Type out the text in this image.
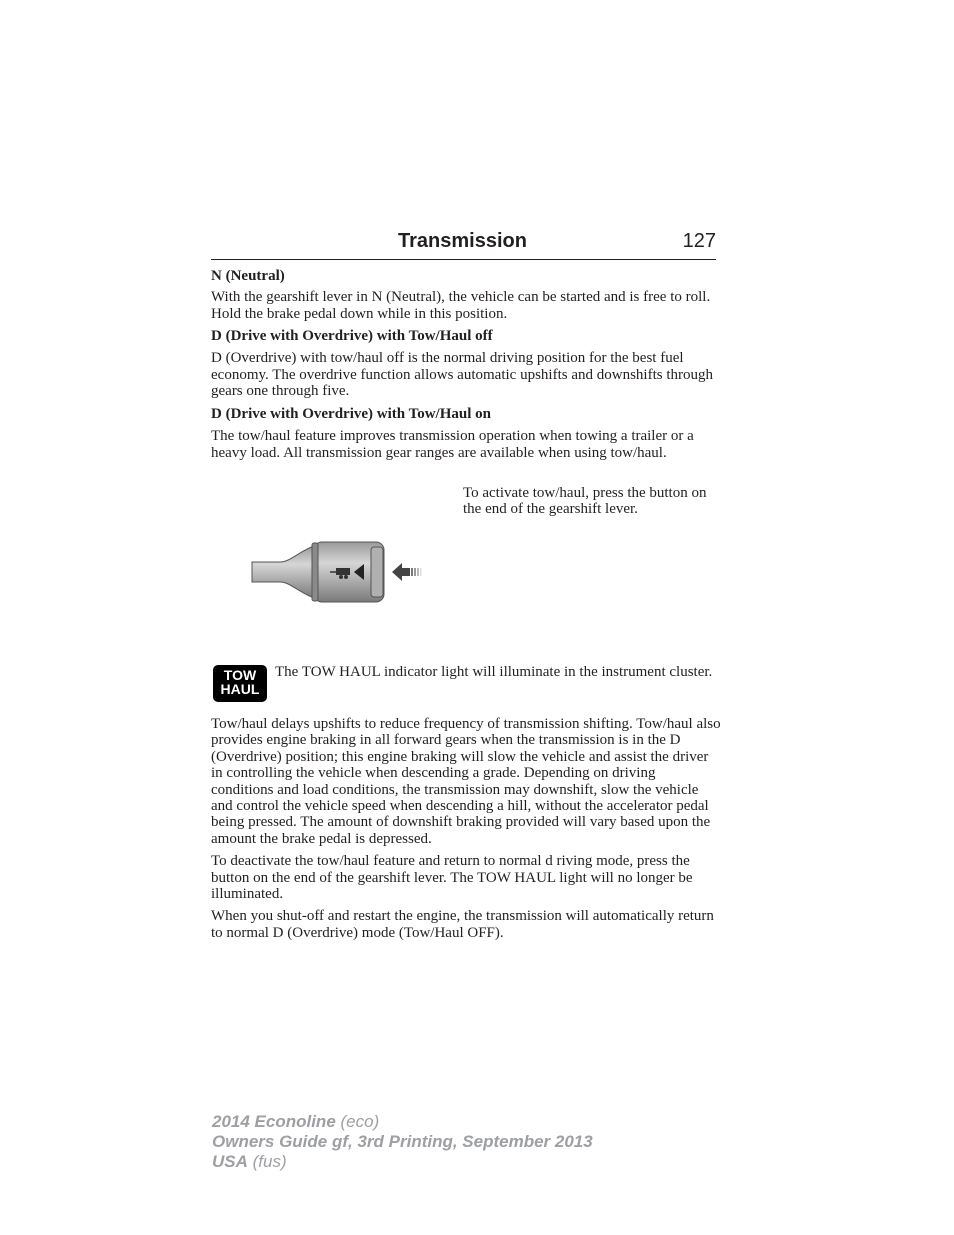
Transmission	127

N (Neutral)

With the gearshift lever in N (Neutral), the vehicle can be started and is free to roll. Hold the brake pedal down while in this position.

D (Drive with Overdrive) with Tow/Haul off

D (Overdrive) with tow/haul off is the normal driving position for the best fuel economy. The overdrive function allows automatic upshifts and downshifts through gears one through five.

D (Drive with Overdrive) with Tow/Haul on

The tow/haul feature improves transmission operation when towing a trailer or a heavy load. All transmission gear ranges are available when using tow/haul.

To activate tow/haul, press the button on the end of the gearshift lever.
TOW
HAUL
The TOW HAUL indicator light will illuminate in the instrument cluster.

Tow/haul delays upshifts to reduce frequency of transmission shifting. Tow/haul also provides engine braking in all forward gears when the transmission is in the D (Overdrive) position; this engine braking will slow the vehicle and assist the driver in controlling the vehicle when descending a grade. Depending on driving conditions and load conditions, the transmission may downshift, slow the vehicle and control the vehicle speed when descending a hill, without the accelerator pedal being pressed. The amount of downshift braking provided will vary based upon the amount the brake pedal is depressed.

To deactivate the tow/haul feature and return to normal d riving mode, press the button on the end of the gearshift lever. The TOW HAUL light will no longer be illuminated.

When you shut-off and restart the engine, the transmission will automatically return to normal D (Overdrive) mode (Tow/Haul OFF).

2014 Econoline (eco)
Owners Guide gf, 3rd Printing, September 2013
USA (fus)
